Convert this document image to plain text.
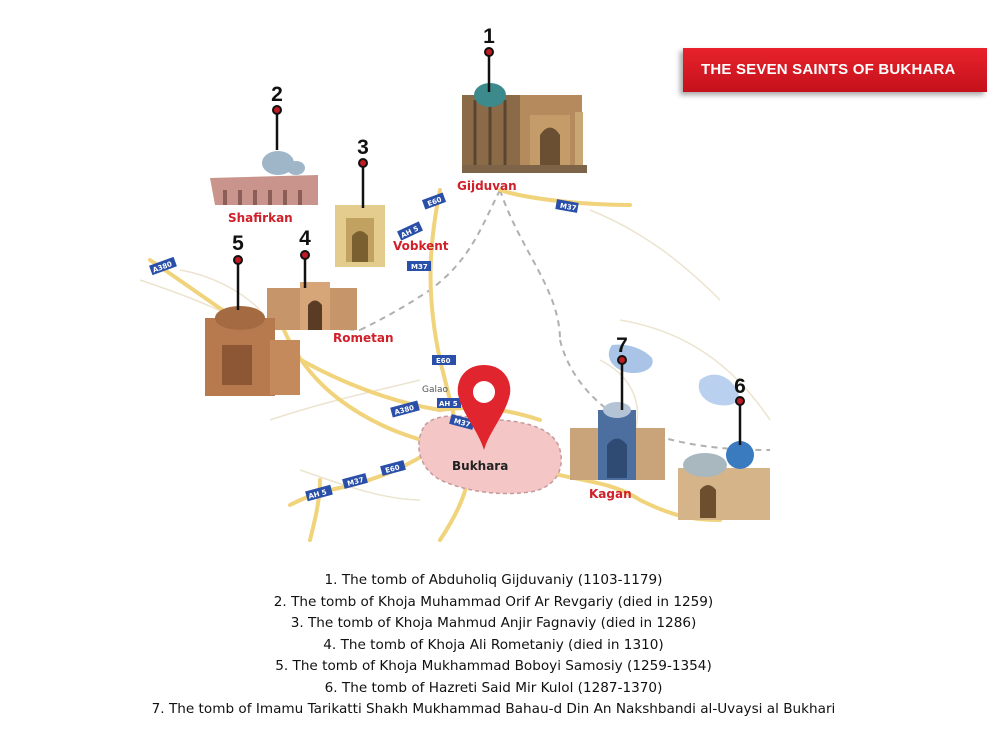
E60	M37
AH 5
M37
A380
E60
A380	AH 5
M37
E60
M37
AH 5
1
2
3
4
5
6
7
Gijduvan
Shafirkan
Vobkent
Rometan
Kagan
Bukhara
Galao
THE SEVEN SAINTS OF BUKHARA
1. The tomb of Abduholiq Gijduvaniy (1103-1179)
2. The tomb of Khoja Muhammad Orif Ar Revgariy (died in 1259)
3. The tomb of Khoja Mahmud Anjir Fagnaviy (died in 1286)
4. The tomb of Khoja Ali Rometaniy (died in 1310)
5. The tomb of Khoja Mukhammad Boboyi Samosiy (1259-1354)
6. The tomb of Hazreti Said Mir Kulol (1287-1370)
7. The tomb of Imamu Tarikatti Shakh Mukhammad Bahau-d Din An Nakshbandi al-Uvaysi al Bukhari
